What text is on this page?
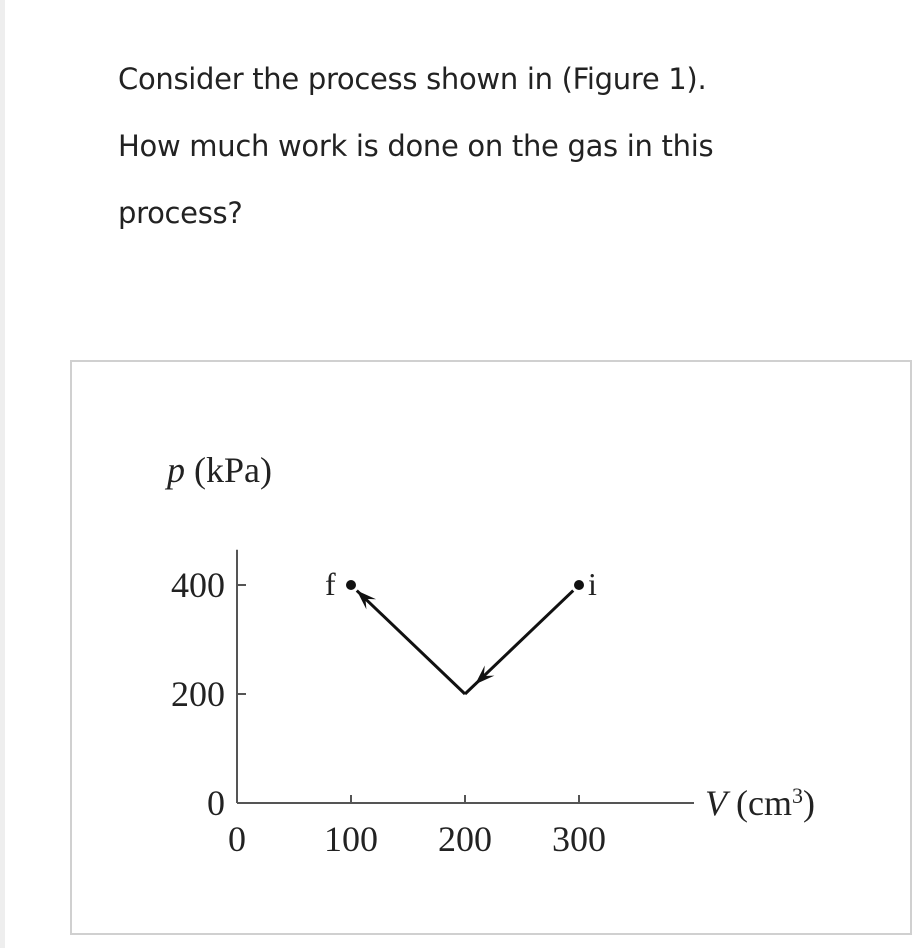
Consider the process shown in (Figure 1).
How much work is done on the gas in this
process?
p (kPa)
V $(cm^3)$
0
200
400
0 100 200 300
i
f
